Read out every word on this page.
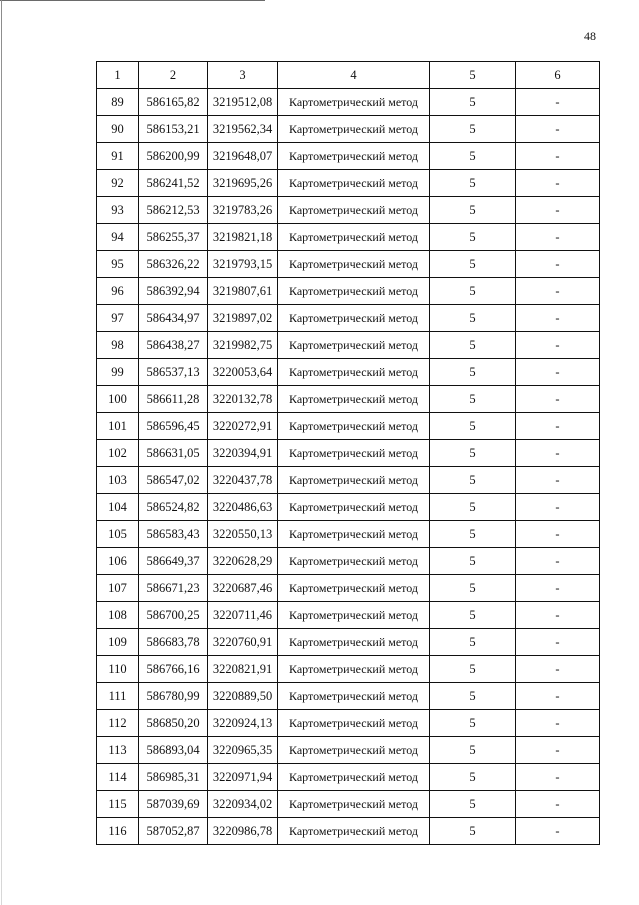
48
1	2	3	4	5	6
89	586165,82	3219512,08	Картометрический метод	5	-
90	586153,21	3219562,34	Картометрический метод	5	-
91	586200,99	3219648,07	Картометрический метод	5	-
92	586241,52	3219695,26	Картометрический метод	5	-
93	586212,53	3219783,26	Картометрический метод	5	-
94	586255,37	3219821,18	Картометрический метод	5	-
95	586326,22	3219793,15	Картометрический метод	5	-
96	586392,94	3219807,61	Картометрический метод	5	-
97	586434,97	3219897,02	Картометрический метод	5	-
98	586438,27	3219982,75	Картометрический метод	5	-
99	586537,13	3220053,64	Картометрический метод	5	-
100	586611,28	3220132,78	Картометрический метод	5	-
101	586596,45	3220272,91	Картометрический метод	5	-
102	586631,05	3220394,91	Картометрический метод	5	-
103	586547,02	3220437,78	Картометрический метод	5	-
104	586524,82	3220486,63	Картометрический метод	5	-
105	586583,43	3220550,13	Картометрический метод	5	-
106	586649,37	3220628,29	Картометрический метод	5	-
107	586671,23	3220687,46	Картометрический метод	5	-
108	586700,25	3220711,46	Картометрический метод	5	-
109	586683,78	3220760,91	Картометрический метод	5	-
110	586766,16	3220821,91	Картометрический метод	5	-
111	586780,99	3220889,50	Картометрический метод	5	-
112	586850,20	3220924,13	Картометрический метод	5	-
113	586893,04	3220965,35	Картометрический метод	5	-
114	586985,31	3220971,94	Картометрический метод	5	-
115	587039,69	3220934,02	Картометрический метод	5	-
116	587052,87	3220986,78	Картометрический метод	5	-
